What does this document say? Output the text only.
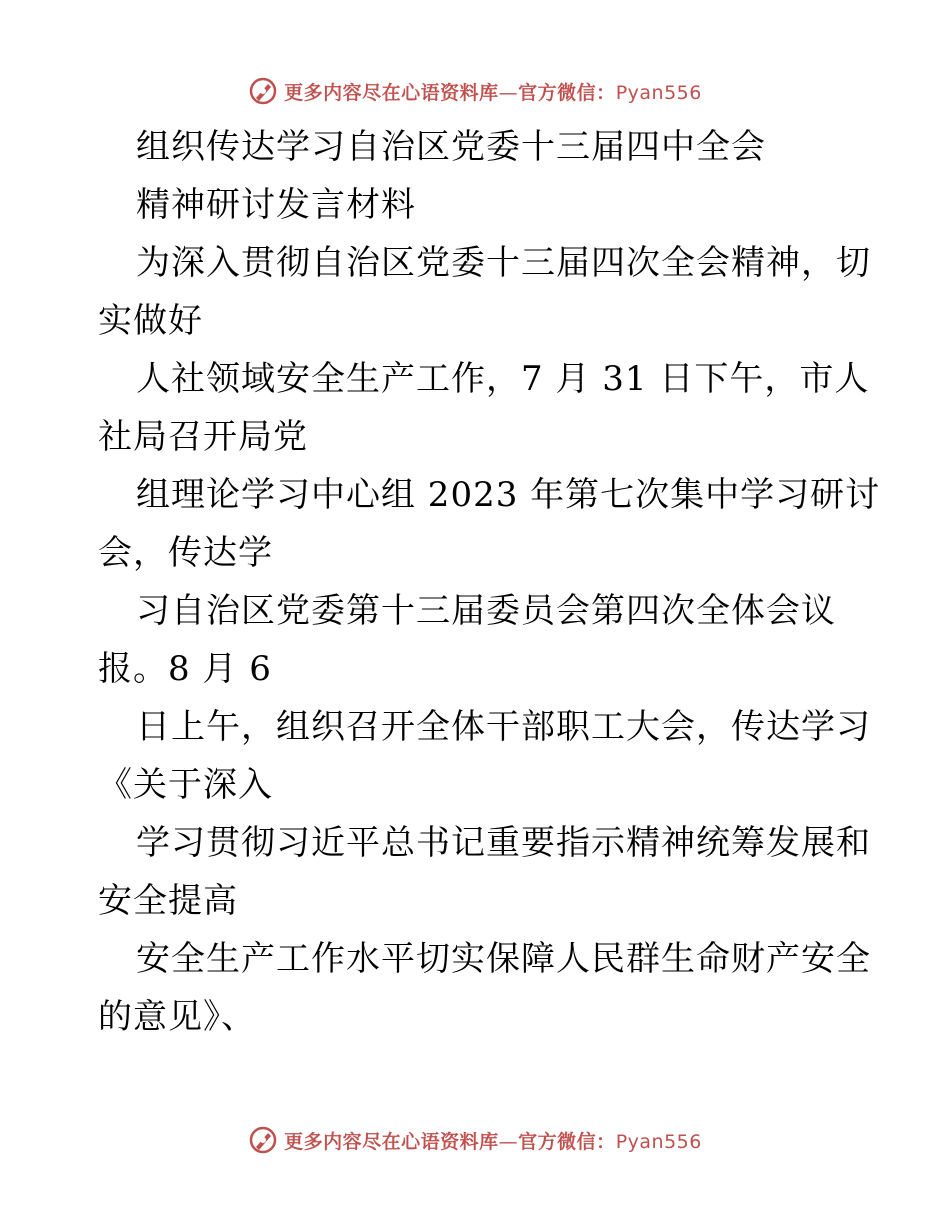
更多内容尽在心语资料库—官方微信：Pyan556
组织传达学习自治区党委十三届四中全会
精神研讨发言材料
为深入贯彻自治区党委十三届四次全会精神，切
实做好
人社领域安全生产工作，7 月 31 日下午，市人
社局召开局党
组理论学习中心组 2023 年第七次集中学习研讨
会，传达学
习自治区党委第十三届委员会第四次全体会议
报。8 月 6
日上午，组织召开全体干部职工大会，传达学习
《关于深入
学习贯彻习近平总书记重要指示精神统筹发展和
安全提高
安全生产工作水平切实保障人民群生命财产安全
的意见》、
更多内容尽在心语资料库—官方微信：Pyan556
